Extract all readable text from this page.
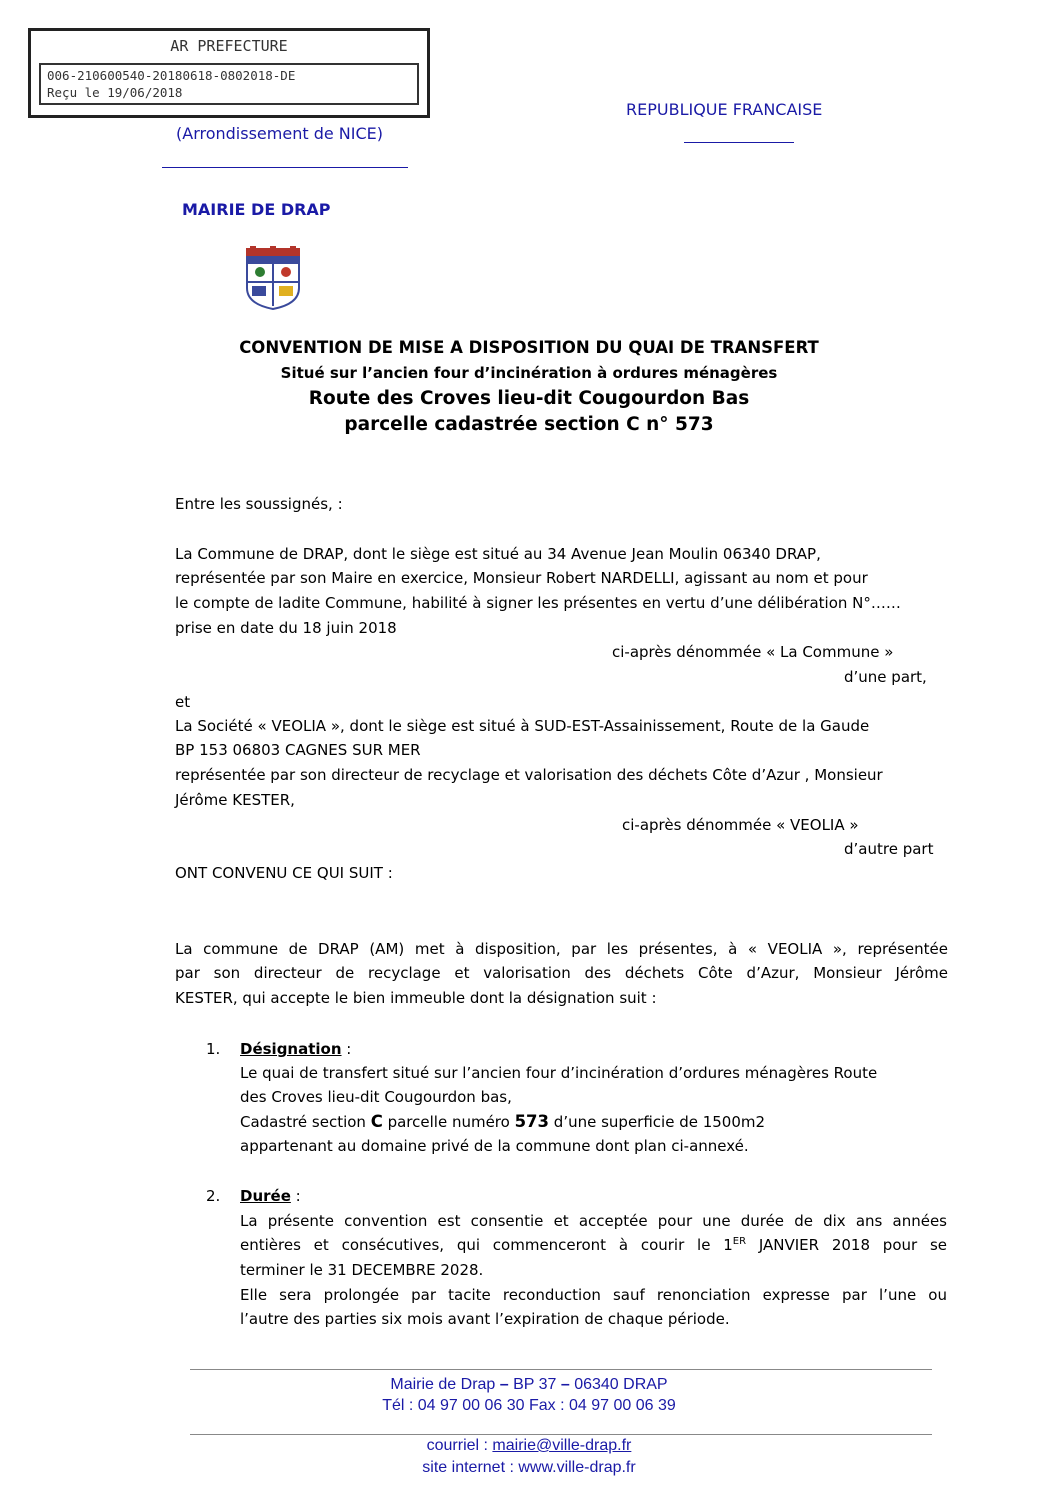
(Arrondissement de NICE)
REPUBLIQUE FRANCAISE
MAIRIE DE DRAP
AR PREFECTURE
006-210600540-20180618-0802018-DE
Reçu le 19/06/2018
CONVENTION DE MISE A DISPOSITION DU QUAI DE TRANSFERT
Situé sur l’ancien four d’incinération à ordures ménagères
Route des Croves lieu-dit Cougourdon Bas
parcelle cadastrée section C n° 573
Entre les soussignés, :
La Commune de DRAP, dont le siège est situé au 34 Avenue Jean Moulin 06340 DRAP,
représentée par son Maire en exercice, Monsieur Robert NARDELLI, agissant au nom et pour
le compte de ladite Commune, habilité à signer les présentes en vertu d’une délibération N°……
prise en date du 18 juin 2018
ci-après dénommée « La Commune »
d’une part,
et
La Société « VEOLIA », dont le siège est situé à SUD-EST-Assainissement, Route de la Gaude
BP 153 06803 CAGNES SUR MER
représentée par son directeur de recyclage et valorisation des déchets Côte d’Azur , Monsieur
Jérôme KESTER,
ci-après dénommée « VEOLIA »
d’autre part
ONT CONVENU CE QUI SUIT :
La commune de DRAP (AM) met à disposition, par les présentes, à « VEOLIA », représentée
par son directeur de recyclage et valorisation des déchets Côte d’Azur, Monsieur Jérôme
KESTER, qui accepte le bien immeuble dont la désignation suit :
1. Désignation :
Le quai de transfert situé sur l’ancien four d’incinération d’ordures ménagères Route
des Croves lieu-dit Cougourdon bas,
Cadastré section C parcelle numéro 573 d’une superficie de 1500m2
appartenant au domaine privé de la commune dont plan ci-annexé.
2. Durée :
La présente convention est consentie et acceptée pour une durée de dix ans années
entières et consécutives, qui commenceront à courir le 1ER JANVIER 2018 pour se
terminer le 31 DECEMBRE 2028.
Elle sera prolongée par tacite reconduction sauf renonciation expresse par l’une ou
l’autre des parties six mois avant l’expiration de chaque période.
Mairie de Drap – BP 37 – 06340 DRAP
Tél : 04 97 00 06 30 Fax : 04 97 00 06 39
courriel : mairie@ville-drap.fr
site internet : www.ville-drap.fr
